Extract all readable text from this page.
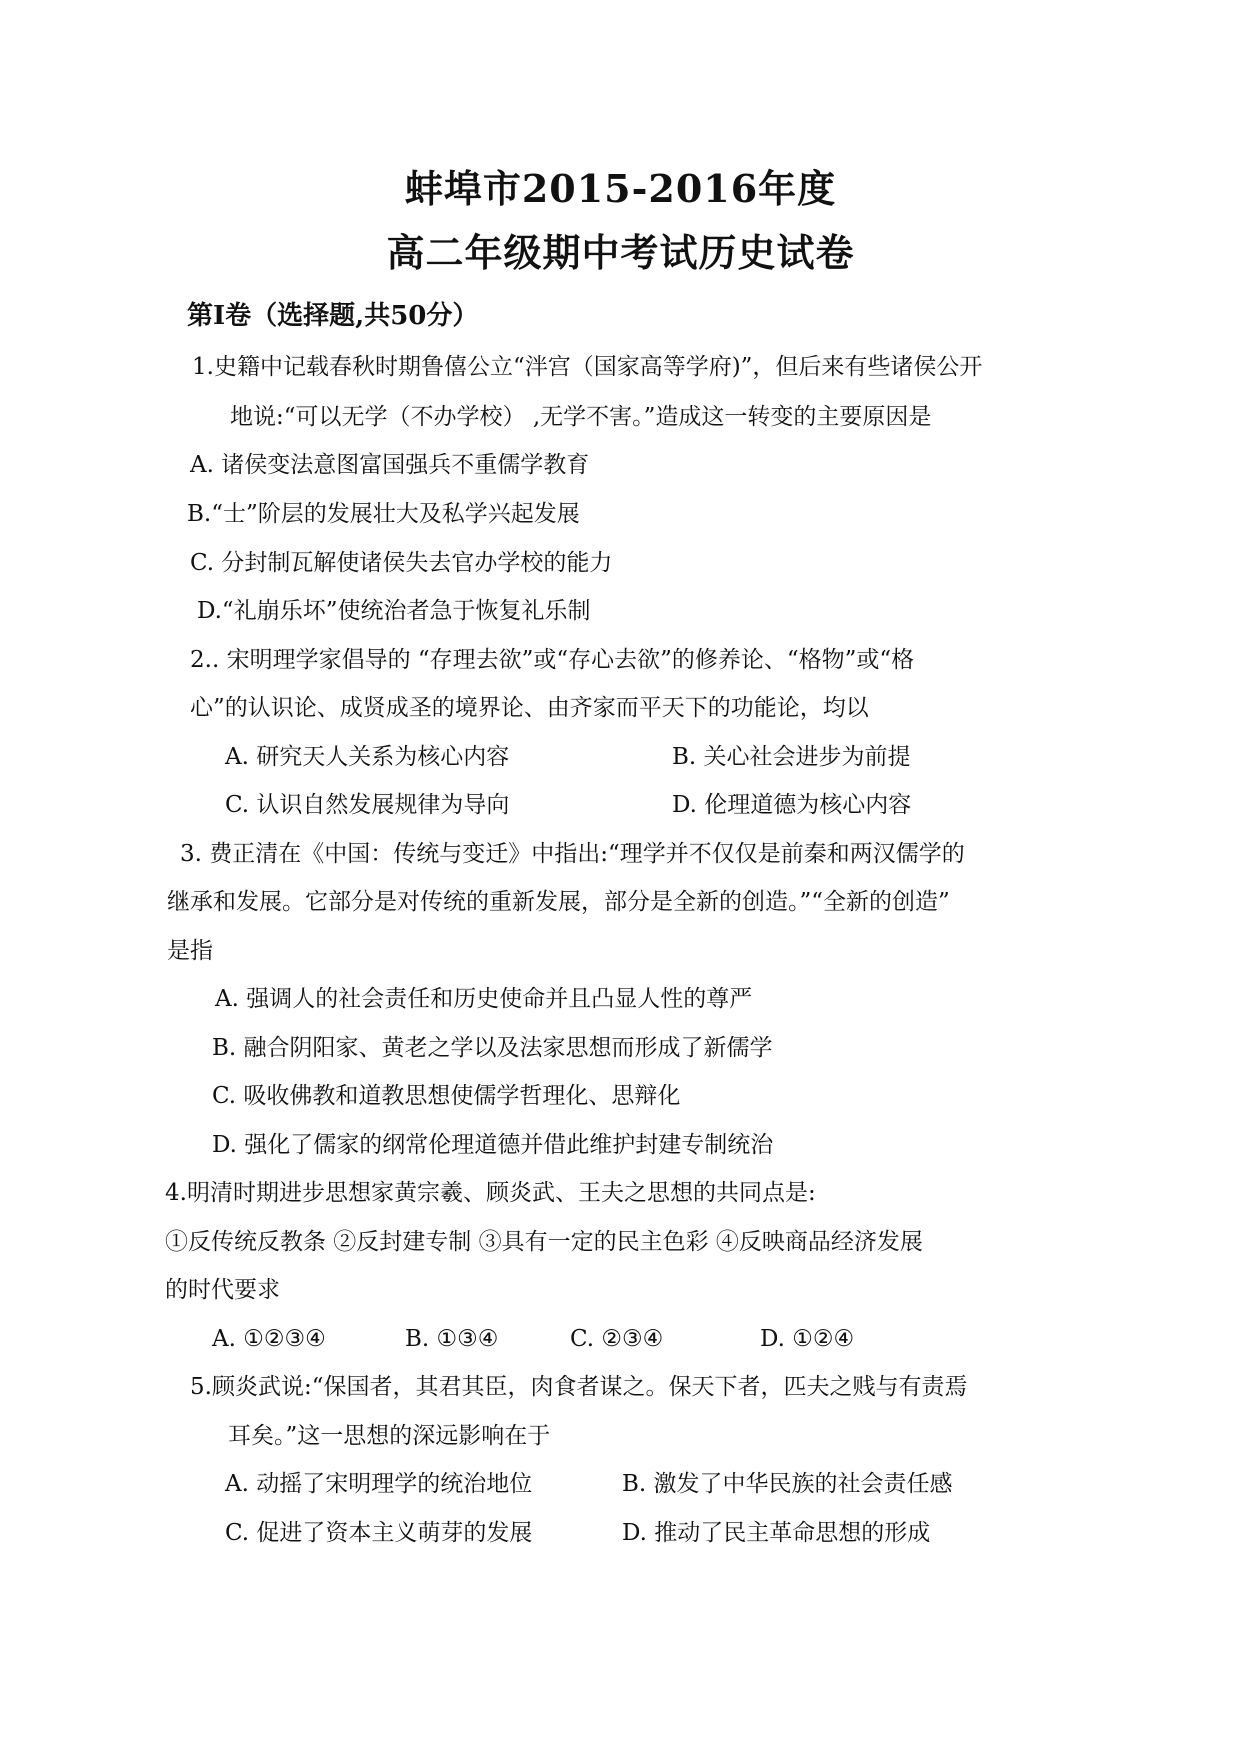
蚌埠市2015-2016年度
高二年级期中考试历史试卷
第Ⅰ卷（选择题,共50分）
1.史籍中记载春秋时期鲁僖公立“泮宫（国家高等学府)”，但后来有些诸侯公开
地说:“可以无学（不办学校） ,无学不害。”造成这一转变的主要原因是
A. 诸侯变法意图富国强兵不重儒学教育
B.“士”阶层的发展壮大及私学兴起发展
C. 分封制瓦解使诸侯失去官办学校的能力
D.“礼崩乐坏”使统治者急于恢复礼乐制
2.. 宋明理学家倡导的 “存理去欲”或“存心去欲”的修养论、“格物”或“格
心”的认识论、成贤成圣的境界论、由齐家而平天下的功能论，均以
A. 研究天人关系为核心内容	B. 关心社会进步为前提
C. 认识自然发展规律为导向	D. 伦理道德为核心内容
3. 费正清在《中国：传统与变迁》中指出:“理学并不仅仅是前秦和两汉儒学的
继承和发展。它部分是对传统的重新发展，部分是全新的创造。”“全新的创造”
是指
A. 强调人的社会责任和历史使命并且凸显人性的尊严
B. 融合阴阳家、黄老之学以及法家思想而形成了新儒学
C. 吸收佛教和道教思想使儒学哲理化、思辩化
D. 强化了儒家的纲常伦理道德并借此维护封建专制统治
4.明清时期进步思想家黄宗羲、顾炎武、王夫之思想的共同点是:
①反传统反教条 ②反封建专制 ③具有一定的民主色彩 ④反映商品经济发展
的时代要求
A. ①②③④	B. ①③④	C. ②③④	D. ①②④
5.顾炎武说:“保国者，其君其臣，肉食者谋之。保天下者，匹夫之贱与有责焉
耳矣。”这一思想的深远影响在于
A. 动摇了宋明理学的统治地位	B. 激发了中华民族的社会责任感
C. 促进了资本主义萌芽的发展	D. 推动了民主革命思想的形成
